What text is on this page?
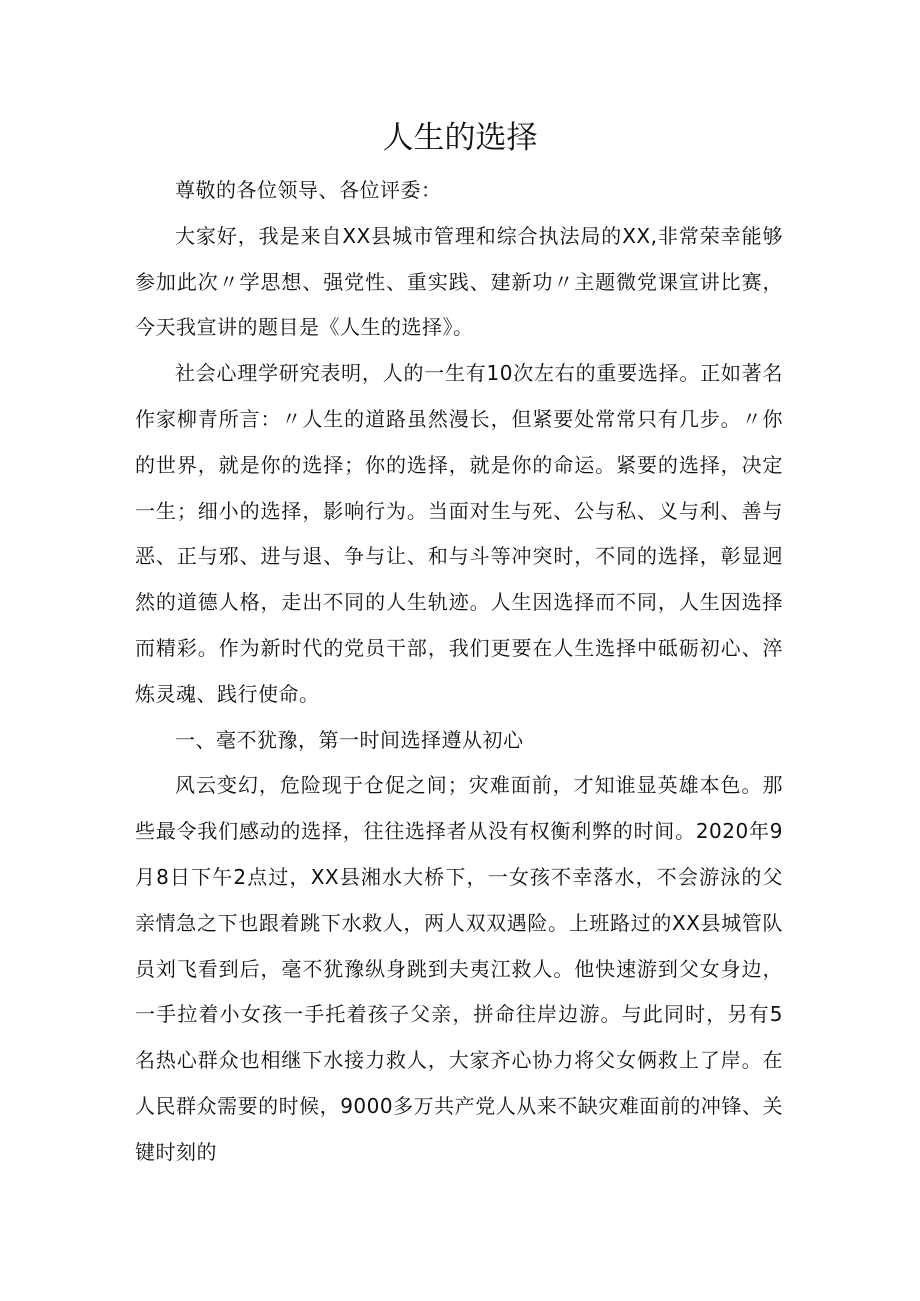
人生的选择

尊敬的各位领导、各位评委：

大家好，我是来自XX县城市管理和综合执法局的XX,非常荣幸能够参加此次〃学思想、强党性、重实践、建新功〃主题微党课宣讲比赛，今天我宣讲的题目是《人生的选择》。

社会心理学研究表明，人的一生有10次左右的重要选择。正如著名作家柳青所言：〃人生的道路虽然漫长，但紧要处常常只有几步。〃你的世界，就是你的选择；你的选择，就是你的命运。紧要的选择，决定一生；细小的选择，影响行为。当面对生与死、公与私、义与利、善与恶、正与邪、进与退、争与让、和与斗等冲突时，不同的选择，彰显迥然的道德人格，走出不同的人生轨迹。人生因选择而不同，人生因选择而精彩。作为新时代的党员干部，我们更要在人生选择中砥砺初心、淬炼灵魂、践行使命。

一、毫不犹豫，第一时间选择遵从初心

风云变幻，危险现于仓促之间；灾难面前，才知谁显英雄本色。那些最令我们感动的选择，往往选择者从没有权衡利弊的时间。2020年9月8日下午2点过，XX县湘水大桥下，一女孩不幸落水，不会游泳的父亲情急之下也跟着跳下水救人，两人双双遇险。上班路过的XX县城管队员刘飞看到后，毫不犹豫纵身跳到夫夷江救人。他快速游到父女身边，一手拉着小女孩一手托着孩子父亲，拼命往岸边游。与此同时，另有5名热心群众也相继下水接力救人，大家齐心协力将父女俩救上了岸。在人民群众需要的时候，9000多万共产党人从来不缺灾难面前的冲锋、关键时刻的
